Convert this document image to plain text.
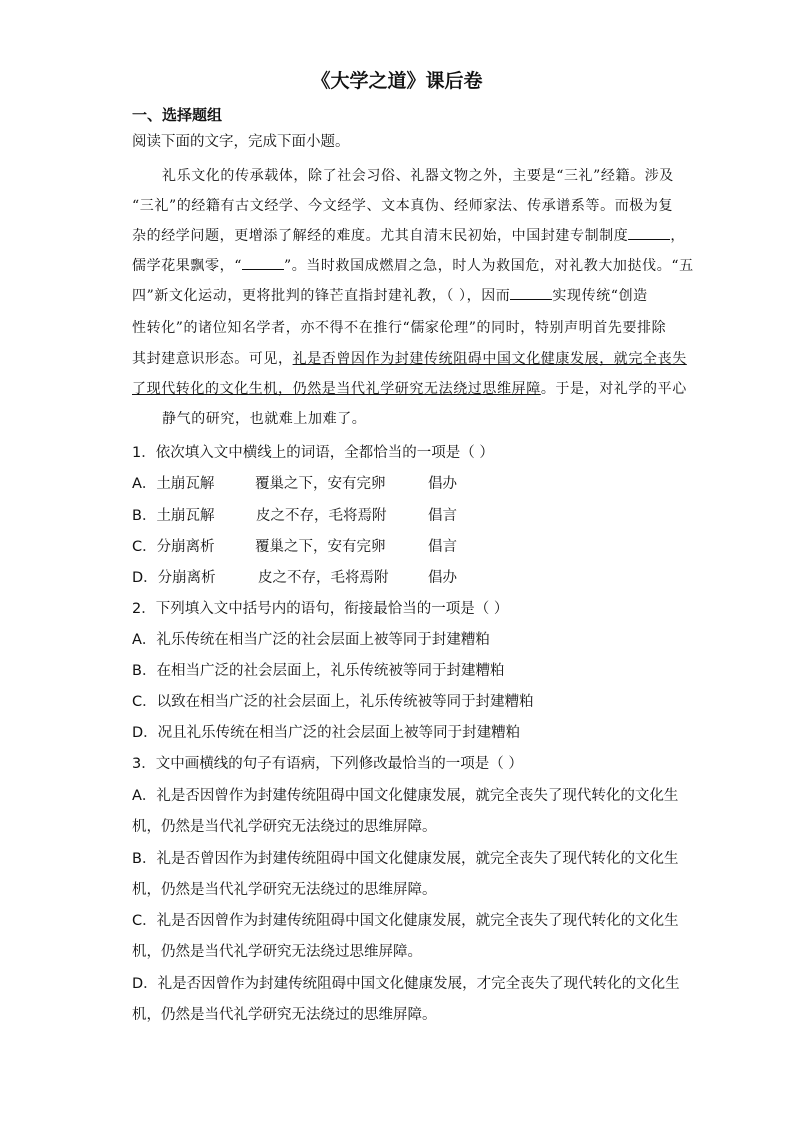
《大学之道》课后卷
一、选择题组
阅读下面的文字，完成下面小题。
礼乐文化的传承载体，除了社会习俗、礼器文物之外，主要是“三礼”经籍。涉及
“三礼”的经籍有古文经学、今文经学、文本真伪、经师家法、传承谱系等。而极为复
杂的经学问题，更增添了解经的难度。尤其自清末民初始，中国封建专制制度	，
儒学花果飘零，“	”。当时救国成燃眉之急，时人为救国危，对礼教大加挞伐。“五
四”新文化运动，更将批判的锋芒直指封建礼教，（ ），因而	实现传统“创造
性转化”的诸位知名学者，亦不得不在推行“儒家伦理”的同时，特别声明首先要排除
其封建意识形态。可见，礼是否曾因作为封建传统阻碍中国文化健康发展，就完全丧失
了现代转化的文化生机，仍然是当代礼学研究无法绕过思维屏障。于是，对礼学的平心
静气的研究，也就难上加难了。
1．依次填入文中横线上的词语，全都恰当的一项是（ ）
A．土崩瓦解	覆巢之下，安有完卵	倡办
B．土崩瓦解	皮之不存，毛将焉附	倡言
C．分崩离析	覆巢之下，安有完卵	倡言
D．分崩离析	皮之不存，毛将焉附	倡办
2．下列填入文中括号内的语句，衔接最恰当的一项是（ ）
A．礼乐传统在相当广泛的社会层面上被等同于封建糟粕
B．在相当广泛的社会层面上，礼乐传统被等同于封建糟粕
C．以致在相当广泛的社会层面上，礼乐传统被等同于封建糟粕
D．况且礼乐传统在相当广泛的社会层面上被等同于封建糟粕
3．文中画横线的句子有语病，下列修改最恰当的一项是（ ）
A．礼是否因曾作为封建传统阻碍中国文化健康发展，就完全丧失了现代转化的文化生
机，仍然是当代礼学研究无法绕过的思维屏障。
B．礼是否曾因作为封建传统阻碍中国文化健康发展，就完全丧失了现代转化的文化生
机，仍然是当代礼学研究无法绕过的思维屏障。
C．礼是否因曾作为封建传统阻碍中国文化健康发展，就完全丧失了现代转化的文化生
机，仍然是当代礼学研究无法绕过思维屏障。
D．礼是否因曾作为封建传统阻碍中国文化健康发展，才完全丧失了现代转化的文化生
机，仍然是当代礼学研究无法绕过的思维屏障。
